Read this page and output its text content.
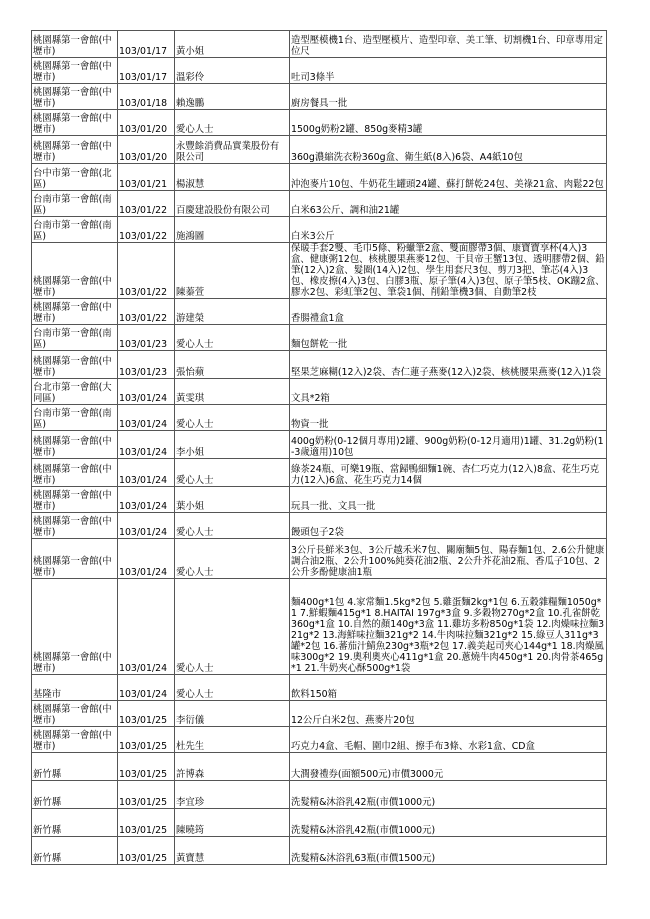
桃園縣第一會館(中壢市)	103/01/17	黃小姐	造型壓模機1台、造型壓模片、造型印章、美工筆、切割機1台、印章專用定位尺
桃園縣第一會館(中壢市)	103/01/17	溫彩伶	吐司3條半
桃園縣第一會館(中壢市)	103/01/18	賴逸鵬	廚房餐具一批
桃園縣第一會館(中壢市)	103/01/20	愛心人士	1500g奶粉2罐、850g麥精3罐
桃園縣第一會館(中壢市)	103/01/20	永豐餘消費品實業股份有限公司	360g濃縮洗衣粉360g盒、衛生紙(8入)6袋、A4紙10包
台中市第一會館(北區)	103/01/21	楊淑慧	沖泡麥片10包、牛奶花生罐頭24罐、蘇打餅乾24包、美祿21盒、肉鬆22包
台南市第一會館(南區)	103/01/22	百慶建設股份有限公司	白米63公斤、調和油21罐
台南市第一會館(南區)	103/01/22	施鴻圖	白米3公斤
桃園縣第一會館(中壢市)	103/01/22	陳蓁萱	保暖手套2雙、毛巾5條、粉蠟筆2盒、雙面膠帶3個、康寶寶享杯(4入)3盒、健康粥12包、核桃腰果燕麥12包、干貝帝王蟹13包、透明膠帶2個、鉛筆(12入)2盒、髮圈(14入)2包、學生用套尺3包、剪刀3把、筆芯(4入)3包、橡皮擦(4入)3包、白膠3瓶、原子筆(4入)3包、原子筆5枝、OK蹦2盒、膠水2包、彩虹筆2包、筆袋1個、削鉛筆機3個、自動筆2枝
桃園縣第一會館(中壢市)	103/01/22	游建榮	香腸禮盒1盒
台南市第一會館(南區)	103/01/23	愛心人士	麵包餅乾一批
桃園縣第一會館(中壢市)	103/01/23	張怡蘋	堅果芝麻糊(12入)2袋、杏仁蓮子燕麥(12入)2袋、核桃腰果燕麥(12入)1袋
台北市第一會館(大同區)	103/01/24	黃雯琪	文具*2箱
台南市第一會館(南區)	103/01/24	愛心人士	物資一批
桃園縣第一會館(中壢市)	103/01/24	李小姐	400g奶粉(0-12個月專用)2罐、900g奶粉(0-12月適用)1罐、31.2g奶粉(1-3歲適用)10包
桃園縣第一會館(中壢市)	103/01/24	愛心人士	綠茶24瓶、可樂19瓶、當歸鴨細麵1碗、杏仁巧克力(12入)8盒、花生巧克力(12入)6盒、花生巧克力14個
桃園縣第一會館(中壢市)	103/01/24	葉小姐	玩具一批、文具一批
桃園縣第一會館(中壢市)	103/01/24	愛心人士	饅頭包子2袋
桃園縣第一會館(中壢市)	103/01/24	愛心人士	3公斤長鮮米3包、3公斤越禾米7包、關廟麵5包、陽春麵1包、2.6公升健康調合油2瓶、2公升100%純葵花油2瓶、2公升芥花油2瓶、香瓜子10包、2公升多酚健康油1瓶
桃園縣第一會館(中壢市)	103/01/24	愛心人士	麵400g*1包 4.家常麵1.5kg*2包 5.雞蛋麵2kg*1包 6.五穀雜糧麵1050g*1 7.鮮蝦麵415g*1 8.HAITAI 197g*3盒 9.多穀物270g*2盒 10.孔雀餅乾360g*1盒 10.自然的顏140g*3盒 11.雞坊多粉850g*1袋 12.肉燥味拉麵321g*2 13.海鮮味拉麵321g*2 14.牛肉味拉麵321g*2 15.綠豆人311g*3罐*2包 16.蕃茄汁鯖魚230g*3瓶*2包 17.義美起司夾心144g*1 18.肉燥風味300g*2 19.奧利奧夾心411g*1盒 20.蔥燒牛肉450g*1 20.肉骨茶465g*1 21.牛奶夾心酥500g*1袋
基隆市	103/01/24	愛心人士	飲料150箱
桃園縣第一會館(中壢市)	103/01/25	李衍儀	12公斤白米2包、燕麥片20包
桃園縣第一會館(中壢市)	103/01/25	杜先生	巧克力4盒、毛帽、圍巾2組、擦手布3條、水彩1盒、CD盒
新竹縣	103/01/25	許博森	大潤發禮券(面額500元)市價3000元
新竹縣	103/01/25	李宜珍	洗髮精&沐浴乳42瓶(市價1000元)
新竹縣	103/01/25	陳曉筠	洗髮精&沐浴乳42瓶(市價1000元)
新竹縣	103/01/25	黃寶慧	洗髮精&沐浴乳63瓶(市價1500元)
